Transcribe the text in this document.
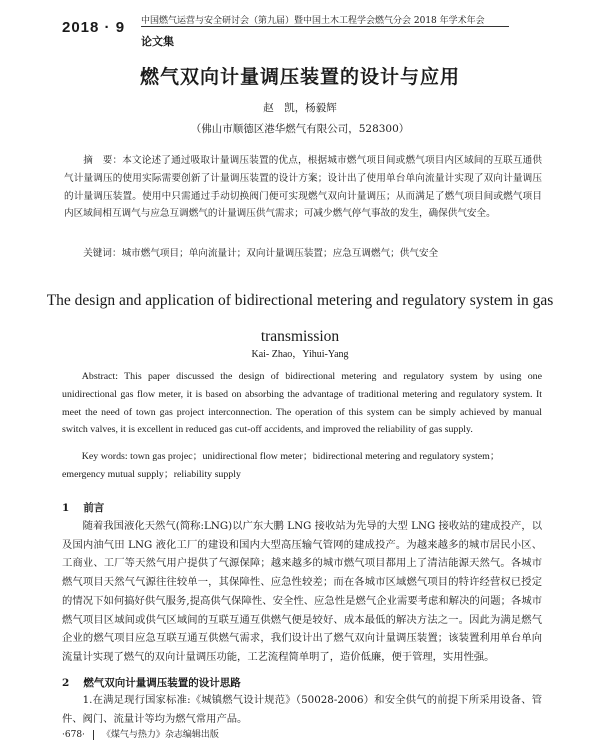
2018 · 9 中国燃气运营与安全研讨会（第九届）暨中国土木工程学会燃气分会 2018 年学术年会
论文集
燃气双向计量调压装置的设计与应用
赵　凯，杨毅辉
（佛山市顺德区港华燃气有限公司，528300）

摘　要：本文论述了通过吸取计量调压装置的优点，根据城市燃气项目间或燃气项目内区域间的互联互通供气计量调压的使用实际需要创新了计量调压装置的设计方案；设计出了使用单台单向流量计实现了双向计量调压的计量调压装置。使用中只需通过手动切换阀门便可实现燃气双向计量调压；从而满足了燃气项目间或燃气项目内区域间相互调气与应急互调燃气的计量调压供气需求；可减少燃气停气事故的发生，确保供气安全。

关键词：城市燃气项目；单向流量计；双向计量调压装置；应急互调燃气；供气安全
The design and application of bidirectional metering and regulatory system in gas transmission
Kai- Zhao，Yihui-Yang

Abstract: This paper discussed the design of bidirectional metering and regulatory system by using one unidirectional gas flow meter, it is based on absorbing the advantage of traditional metering and regulatory system. It meet the need of town gas project interconnection. The operation of this system can be simply achieved by manual switch valves, it is excellent in reduced gas cut-off accidents, and improved the reliability of gas supply.

Key words: town gas projec；unidirectional flow meter；bidirectional metering and regulatory system；emergency mutual supply；reliability supply
1 前言

随着我国液化天然气(简称:LNG)以广东大鹏 LNG 接收站为先导的大型 LNG 接收站的建成投产，以及国内油气田 LNG 液化工厂的建设和国内大型高压输气管网的建成投产。为越来越多的城市居民小区、工商业、工厂等天然气用户提供了气源保障；越来越多的城市燃气项目都用上了清洁能源天然气。各城市燃气项目天然气气源往往较单一，其保障性、应急性较差；而在各城市区域燃气项目的特许经营权已授定的情况下如何搞好供气服务,提高供气保障性、安全性、应急性是燃气企业需要考虑和解决的问题；各城市燃气项目区域间或供气区域间的互联互通互供燃气便是较好、成本最低的解决方法之一。因此为满足燃气企业的燃气项目应急互联互通互供燃气需求，我们设计出了燃气双向计量调压装置；该装置利用单台单向流量计实现了燃气的双向计量调压功能，工艺流程简单明了，造价低廉，便于管理，实用性强。

2 燃气双向计量调压装置的设计思路

1.在满足现行国家标准:《城镇燃气设计规范》（50028-2006）和安全供气的前提下所采用设备、管件、阀门、流量计等均为燃气常用产品。

·678· 《煤气与热力》杂志编辑出版
